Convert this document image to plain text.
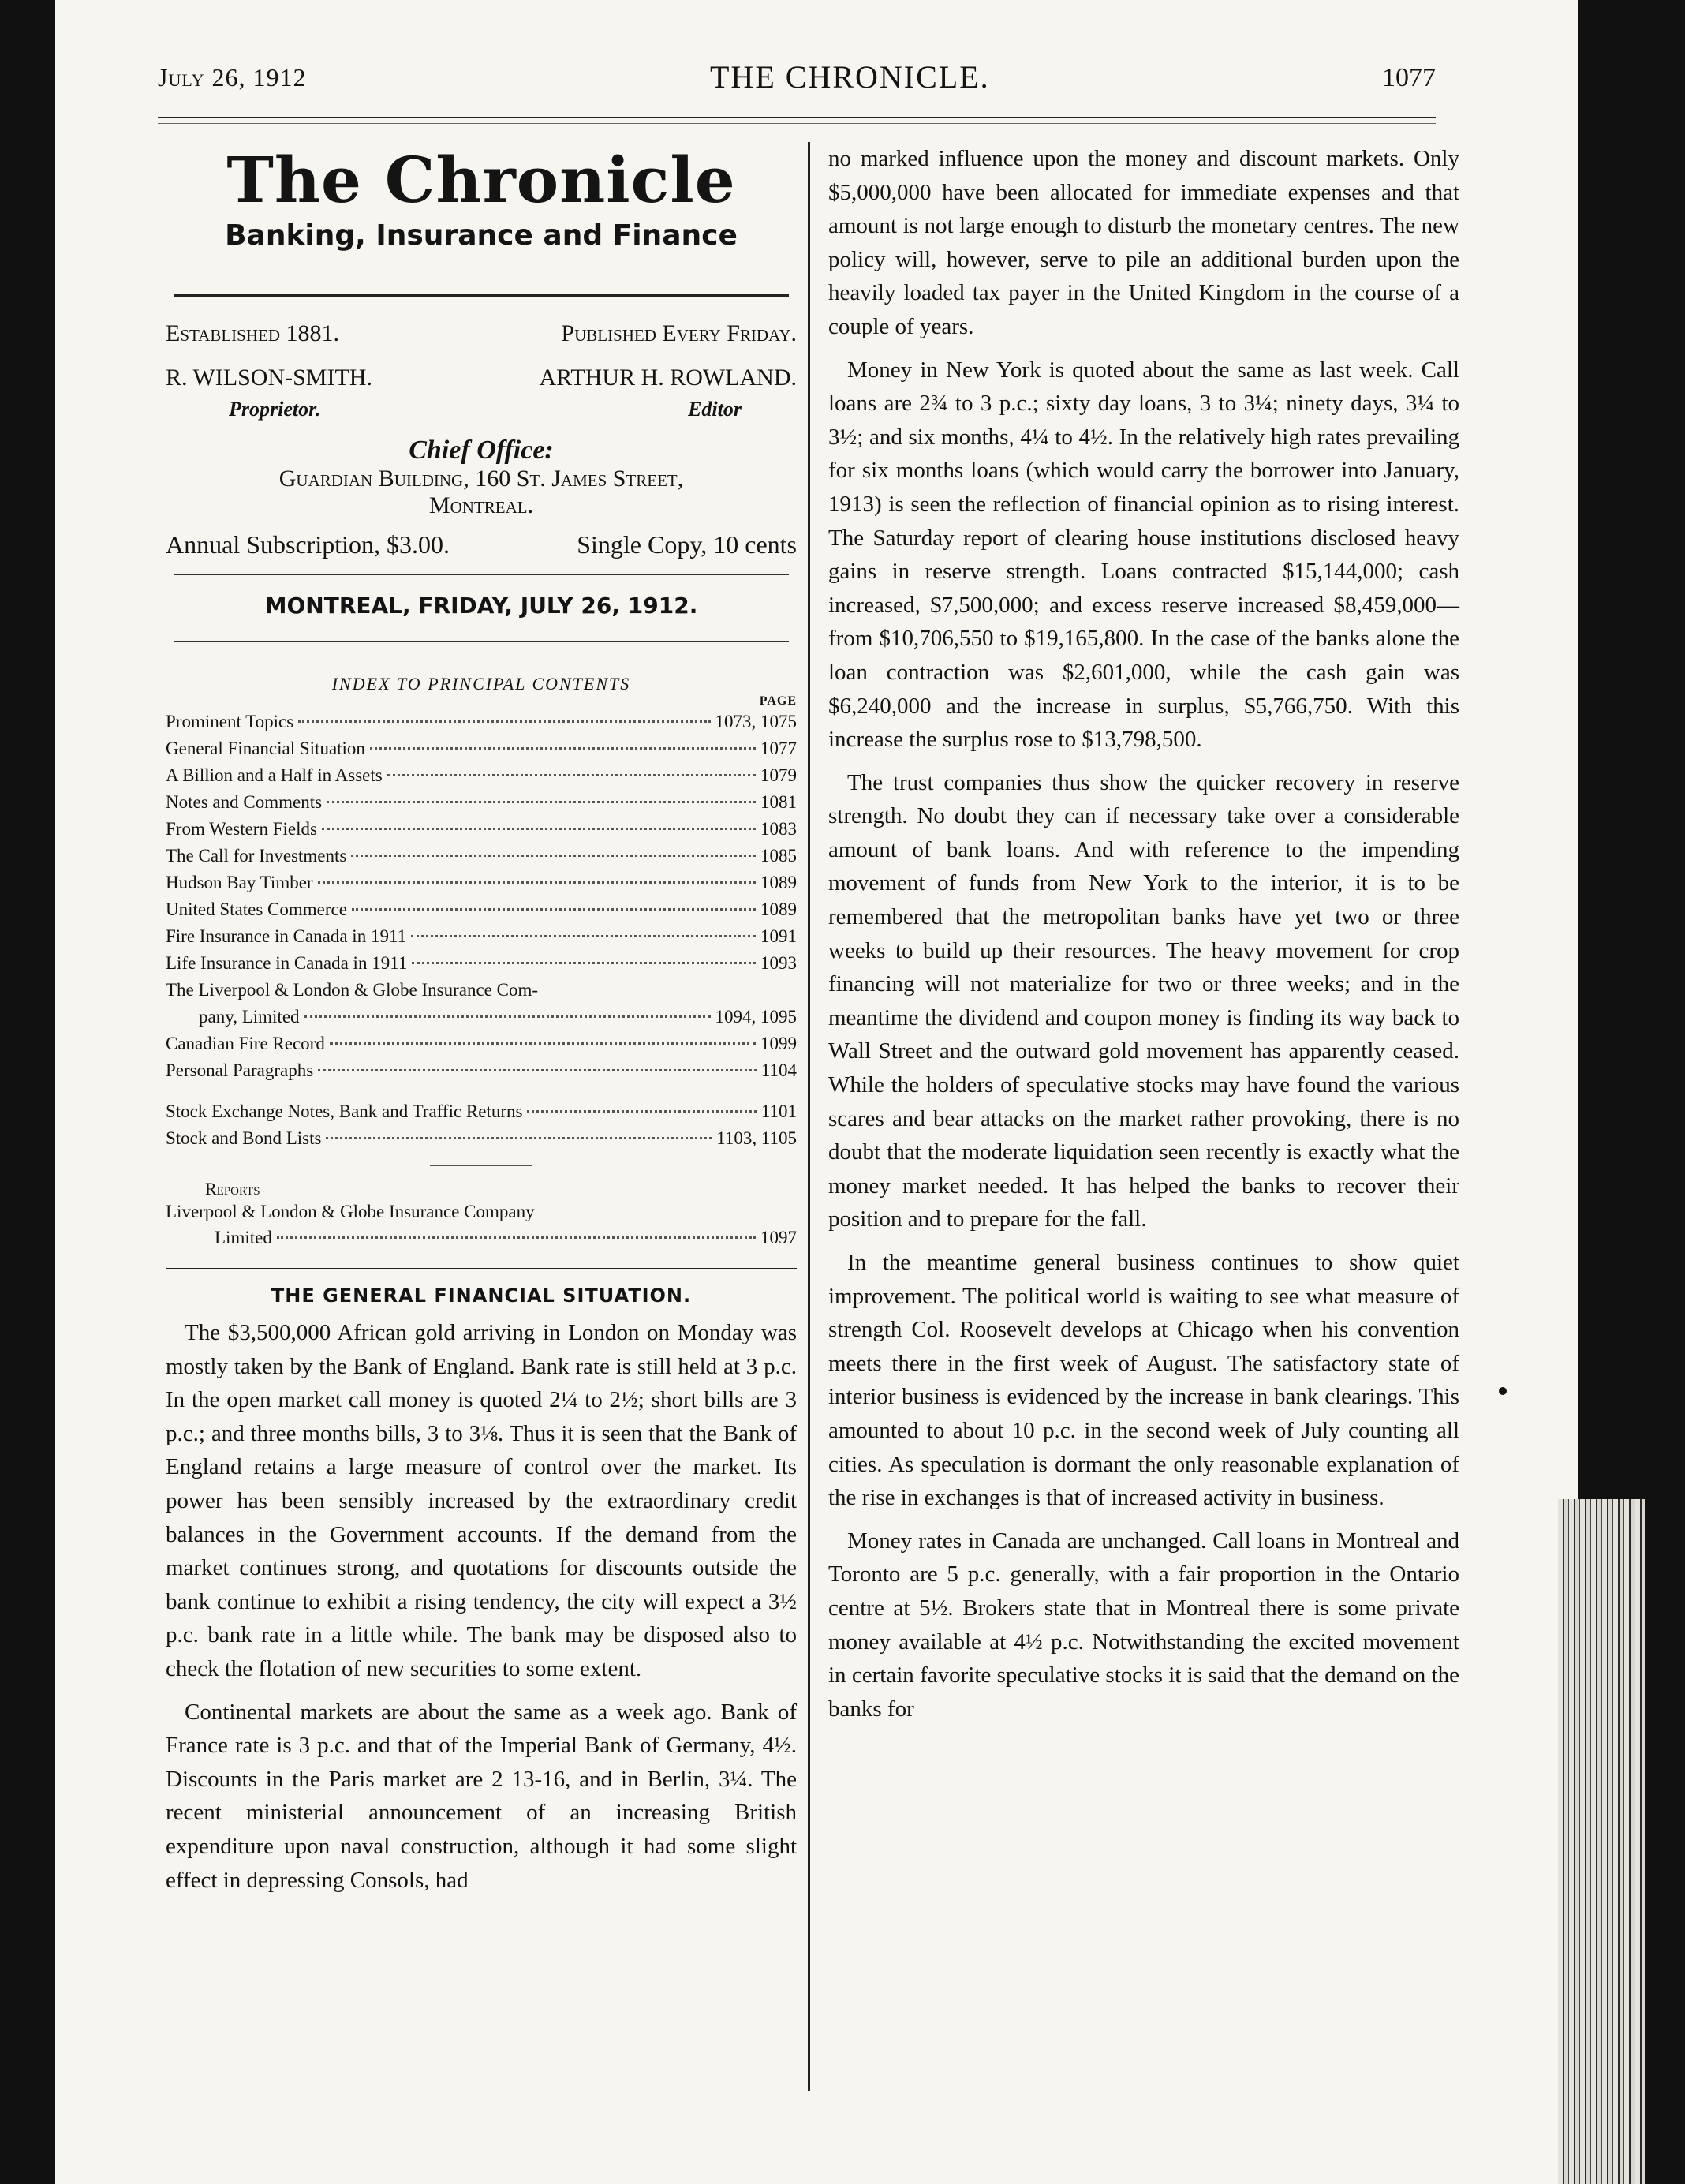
July 26, 1912	THE CHRONICLE.	1077
The Chronicle
Banking, Insurance and Finance
Established 1881.	Published Every Friday.
R. WILSON-SMITH.	ARTHUR H. ROWLAND.
Proprietor.	Editor
Chief Office:
Guardian Building, 160 St. James Street,
Montreal.
Annual Subscription, $3.00.	Single Copy, 10 cents
MONTREAL, FRIDAY, JULY 26, 1912.
INDEX TO PRINCIPAL CONTENTS
PAGE
Prominent Topics	1073, 1075
General Financial Situation	1077
A Billion and a Half in Assets	1079
Notes and Comments	1081
From Western Fields	1083
The Call for Investments	1085
Hudson Bay Timber	1089
United States Commerce	1089
Fire Insurance in Canada in 1911	1091
Life Insurance in Canada in 1911	1093
The Liverpool & London & Globe Insurance Com-
pany, Limited	1094, 1095
Canadian Fire Record	1099
Personal Paragraphs	1104
Stock Exchange Notes, Bank and Traffic Returns	1101
Stock and Bond Lists	1103, 1105
Reports
Liverpool & London & Globe Insurance Company
Limited	1097
THE GENERAL FINANCIAL SITUATION.

The $3,500,000 African gold arriving in London on Monday was mostly taken by the Bank of England. Bank rate is still held at 3 p.c. In the open market call money is quoted 2¼ to 2½; short bills are 3 p.c.; and three months bills, 3 to 3⅛. Thus it is seen that the Bank of England retains a large measure of control over the market. Its power has been sensibly increased by the extraordinary credit balances in the Government accounts. If the demand from the market continues strong, and quotations for discounts outside the bank continue to exhibit a rising tendency, the city will expect a 3½ p.c. bank rate in a little while. The bank may be disposed also to check the flotation of new securities to some extent.

Continental markets are about the same as a week ago. Bank of France rate is 3 p.c. and that of the Imperial Bank of Germany, 4½. Discounts in the Paris market are 2 13-16, and in Berlin, 3¼. The recent ministerial announcement of an increasing British expenditure upon naval construction, although it had some slight effect in depressing Consols, had

no marked influence upon the money and discount markets. Only $5,000,000 have been allocated for immediate expenses and that amount is not large enough to disturb the monetary centres. The new policy will, however, serve to pile an additional burden upon the heavily loaded tax payer in the United Kingdom in the course of a couple of years.

Money in New York is quoted about the same as last week. Call loans are 2¾ to 3 p.c.; sixty day loans, 3 to 3¼; ninety days, 3¼ to 3½; and six months, 4¼ to 4½. In the relatively high rates prevailing for six months loans (which would carry the borrower into January, 1913) is seen the reflection of financial opinion as to rising interest. The Saturday report of clearing house institutions disclosed heavy gains in reserve strength. Loans contracted $15,144,000; cash increased, $7,500,000; and excess reserve increased $8,459,000—from $10,706,550 to $19,165,800. In the case of the banks alone the loan contraction was $2,601,000, while the cash gain was $6,240,000 and the increase in surplus, $5,766,750. With this increase the surplus rose to $13,798,500.

The trust companies thus show the quicker recovery in reserve strength. No doubt they can if necessary take over a considerable amount of bank loans. And with reference to the impending movement of funds from New York to the interior, it is to be remembered that the metropolitan banks have yet two or three weeks to build up their resources. The heavy movement for crop financing will not materialize for two or three weeks; and in the meantime the dividend and coupon money is finding its way back to Wall Street and the outward gold movement has apparently ceased. While the holders of speculative stocks may have found the various scares and bear attacks on the market rather provoking, there is no doubt that the moderate liquidation seen recently is exactly what the money market needed. It has helped the banks to recover their position and to prepare for the fall.

In the meantime general business continues to show quiet improvement. The political world is waiting to see what measure of strength Col. Roosevelt develops at Chicago when his convention meets there in the first week of August. The satisfactory state of interior business is evidenced by the increase in bank clearings. This amounted to about 10 p.c. in the second week of July counting all cities. As speculation is dormant the only reasonable explanation of the rise in exchanges is that of increased activity in business.

Money rates in Canada are unchanged. Call loans in Montreal and Toronto are 5 p.c. generally, with a fair proportion in the Ontario centre at 5½. Brokers state that in Montreal there is some private money available at 4½ p.c. Notwithstanding the excited movement in certain favorite speculative stocks it is said that the demand on the banks for
